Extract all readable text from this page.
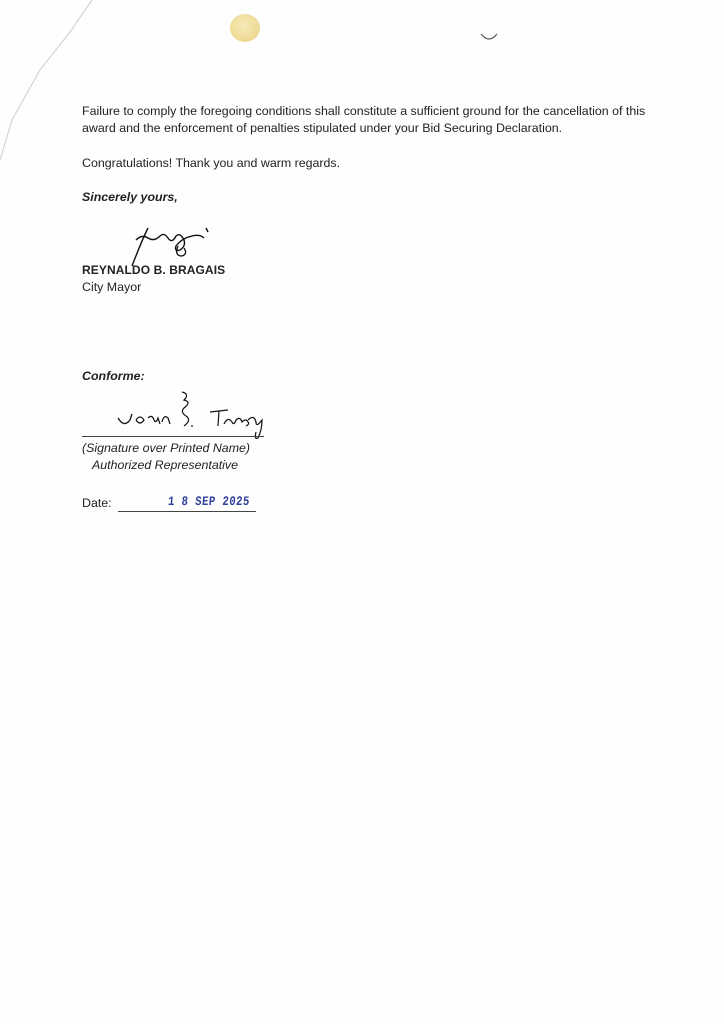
Failure to comply the foregoing conditions shall constitute a sufficient ground for the cancellation of this award and the enforcement of penalties stipulated under your Bid Securing Declaration.
Congratulations! Thank you and warm regards.
Sincerely yours,
REYNALDO B. BRAGAIS
City Mayor
Conforme:
(Signature over Printed Name)
Authorized Representative
Date:	1 8 SEP 2025
